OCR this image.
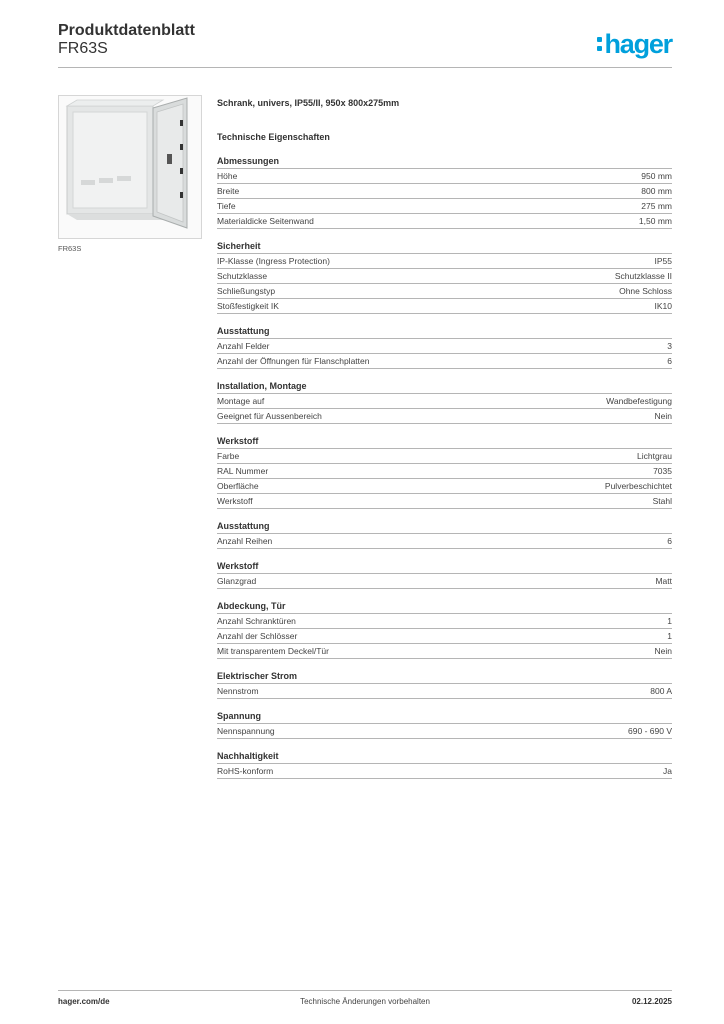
Produktdatenblatt
FR63S	hager
FR63S
Schrank, univers, IP55/II, 950x 800x275mm
Technische Eigenschaften
Abmessungen
Höhe	950 mm
Breite	800 mm
Tiefe	275 mm
Materialdicke Seitenwand	1,50 mm
Sicherheit
IP-Klasse (Ingress Protection)	IP55
Schutzklasse	Schutzklasse II
Schließungstyp	Ohne Schloss
Stoßfestigkeit IK	IK10
Ausstattung
Anzahl Felder	3
Anzahl der Öffnungen für Flanschplatten	6
Installation, Montage
Montage auf	Wandbefestigung
Geeignet für Aussenbereich	Nein
Werkstoff
Farbe	Lichtgrau
RAL Nummer	7035
Oberfläche	Pulverbeschichtet
Werkstoff	Stahl
Ausstattung
Anzahl Reihen	6
Werkstoff
Glanzgrad	Matt
Abdeckung, Tür
Anzahl Schranktüren	1
Anzahl der Schlösser	1
Mit transparentem Deckel/Tür	Nein
Elektrischer Strom
Nennstrom	800 A
Spannung
Nennspannung	690 - 690 V
Nachhaltigkeit
RoHS-konform	Ja
hager.com/de	Technische Änderungen vorbehalten	02.12.2025
